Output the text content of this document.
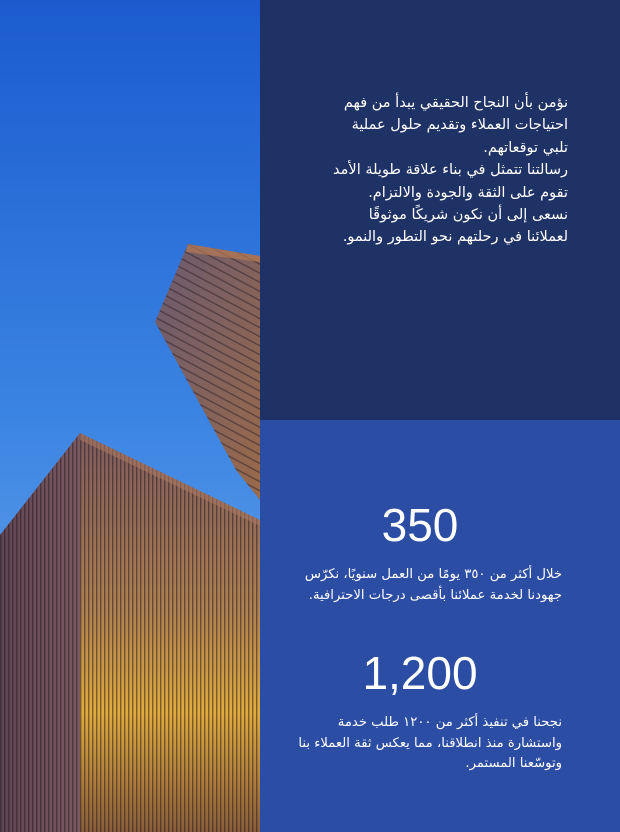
نؤمن بأن النجاح الحقيقي يبدأ من فهم احتياجات العملاء وتقديم حلول عملية تلبي توقعاتهم.

رسالتنا تتمثل في بناء علاقة طويلة الأمد تقوم على الثقة والجودة والالتزام.

نسعى إلى أن نكون شريكًا موثوقًا لعملائنا في رحلتهم نحو التطور والنمو.

350

خلال أكثر من ٣٥٠ يومًا من العمل سنويًا، نكرّس جهودنا لخدمة عملائنا بأقصى درجات الاحترافية.

1,200

نجحنا في تنفيذ أكثر من ١٢٠٠ طلب خدمة واستشارة منذ انطلاقنا، مما يعكس ثقة العملاء بنا وتوسّعنا المستمر.
